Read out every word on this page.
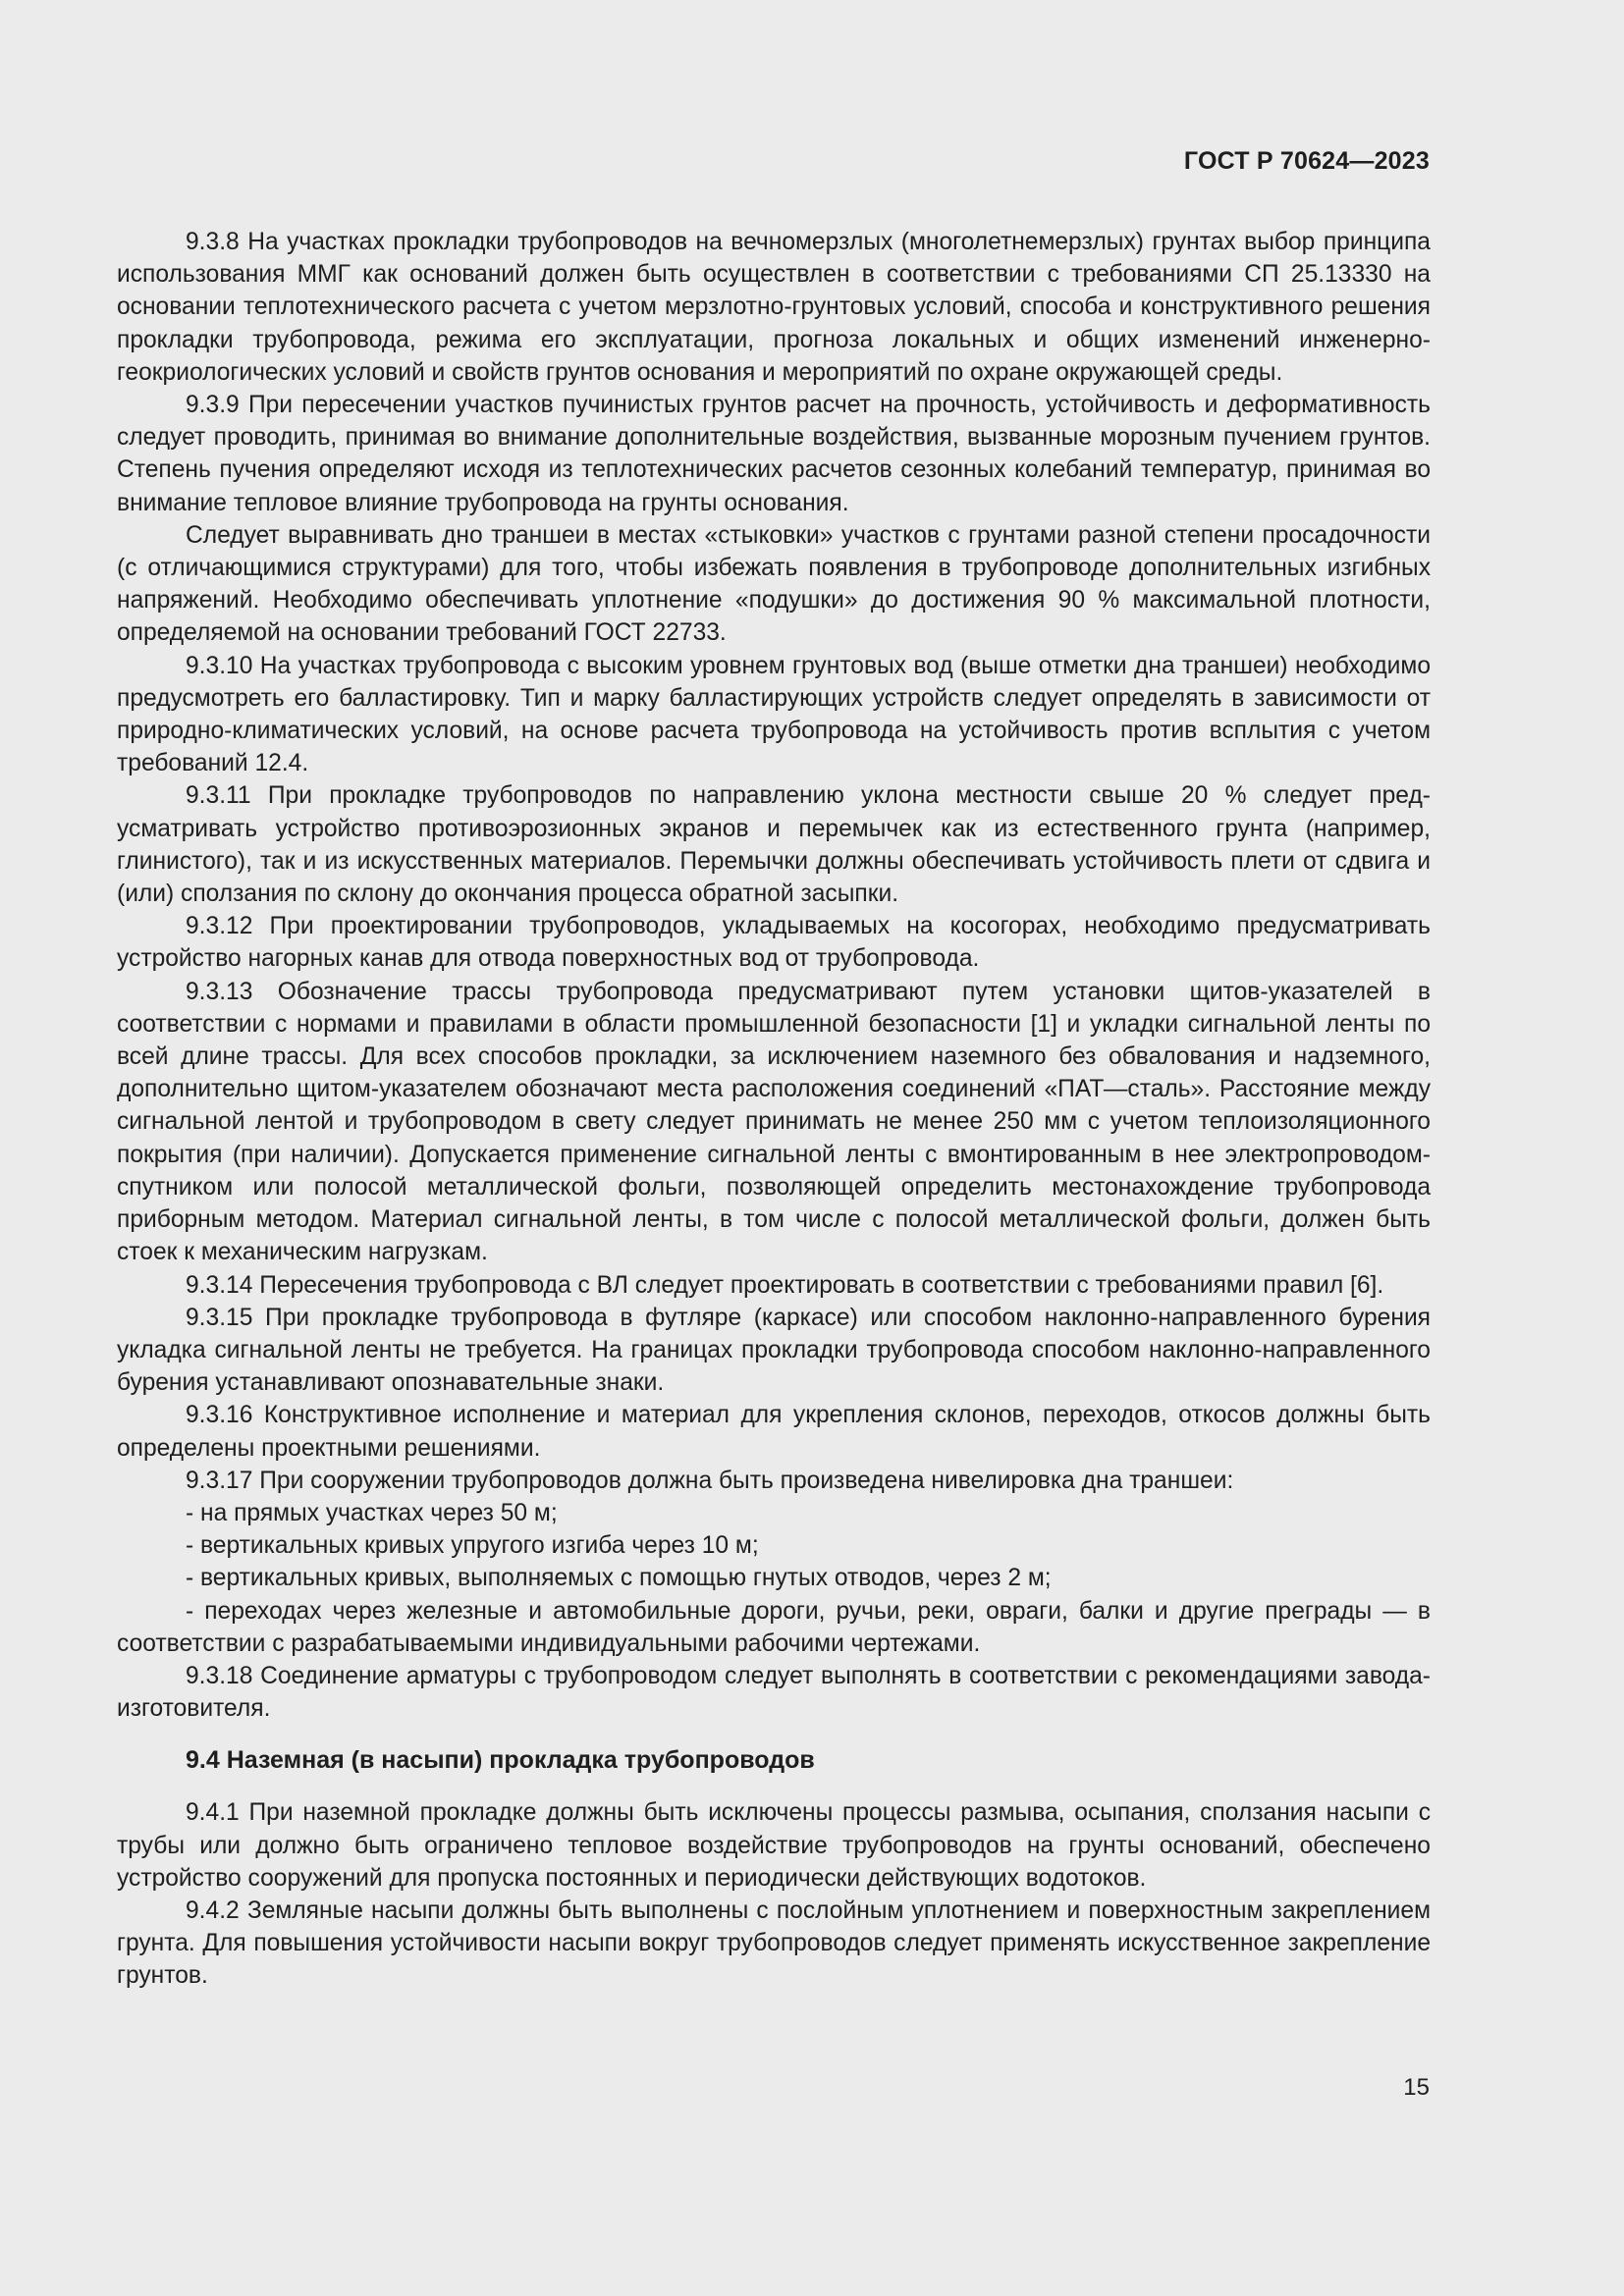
ГОСТ Р 70624—2023

9.3.8 На участках прокладки трубопроводов на вечномерзлых (многолетнемерзлых) грунтах выбор принципа использования ММГ как оснований должен быть осуществлен в соответствии с требованиями СП 25.13330 на основании теплотехнического расчета с учетом мерзлотно-грунтовых условий, способа и конструктивного решения прокладки трубопровода, режима его эксплуатации, прогноза локальных и общих изменений инженерно-геокриологических условий и свойств грунтов основания и мероприятий по охране окружающей среды.

9.3.9 При пересечении участков пучинистых грунтов расчет на прочность, устойчивость и деформативность следует проводить, принимая во внимание дополнительные воздействия, вызванные морозным пучением грунтов. Степень пучения определяют исходя из теплотехнических расчетов сезонных колебаний температур, принимая во внимание тепловое влияние трубопровода на грунты основания.

Следует выравнивать дно траншеи в местах «стыковки» участков с грунтами разной степени просадочности (с отличающимися структурами) для того, чтобы избежать появления в трубопроводе дополнительных изгибных напряжений. Необходимо обеспечивать уплотнение «подушки» до достижения 90 % максимальной плотности, определяемой на основании требований ГОСТ 22733.

9.3.10 На участках трубопровода с высоким уровнем грунтовых вод (выше отметки дна траншеи) необходимо предусмотреть его балластировку. Тип и марку балластирующих устройств следует определять в зависимости от природно-климатических условий, на основе расчета трубопровода на устойчивость против всплытия с учетом требований 12.4.

9.3.11 При прокладке трубопроводов по направлению уклона местности свыше 20 % следует предусматривать устройство противоэрозионных экранов и перемычек как из естественного грунта (например, глинистого), так и из искусственных материалов. Перемычки должны обеспечивать устойчивость плети от сдвига и (или) сползания по склону до окончания процесса обратной засыпки.

9.3.12 При проектировании трубопроводов, укладываемых на косогорах, необходимо предусматривать устройство нагорных канав для отвода поверхностных вод от трубопровода.

9.3.13 Обозначение трассы трубопровода предусматривают путем установки щитов-указателей в соответствии с нормами и правилами в области промышленной безопасности [1] и укладки сигнальной ленты по всей длине трассы. Для всех способов прокладки, за исключением наземного без обвалования и надземного, дополнительно щитом-указателем обозначают места расположения соединений «ПАТ—сталь». Расстояние между сигнальной лентой и трубопроводом в свету следует принимать не менее 250 мм с учетом теплоизоляционного покрытия (при наличии). Допускается применение сигнальной ленты с вмонтированным в нее электропроводом-спутником или полосой металлической фольги, позволяющей определить местонахождение трубопровода приборным методом. Материал сигнальной ленты, в том числе с полосой металлической фольги, должен быть стоек к механическим нагрузкам.

9.3.14 Пересечения трубопровода с ВЛ следует проектировать в соответствии с требованиями правил [6].

9.3.15 При прокладке трубопровода в футляре (каркасе) или способом наклонно-направленного бурения укладка сигнальной ленты не требуется. На границах прокладки трубопровода способом наклонно-направленного бурения устанавливают опознавательные знаки.

9.3.16 Конструктивное исполнение и материал для укрепления склонов, переходов, откосов должны быть определены проектными решениями.

9.3.17 При сооружении трубопроводов должна быть произведена нивелировка дна траншеи:

- на прямых участках через 50 м;

- вертикальных кривых упругого изгиба через 10 м;

- вертикальных кривых, выполняемых с помощью гнутых отводов, через 2 м;

- переходах через железные и автомобильные дороги, ручьи, реки, овраги, балки и другие преграды — в соответствии с разрабатываемыми индивидуальными рабочими чертежами.

9.3.18 Соединение арматуры с трубопроводом следует выполнять в соответствии с рекомендациями завода-изготовителя.

9.4 Наземная (в насыпи) прокладка трубопроводов

9.4.1 При наземной прокладке должны быть исключены процессы размыва, осыпания, сползания насыпи с трубы или должно быть ограничено тепловое воздействие трубопроводов на грунты оснований, обеспечено устройство сооружений для пропуска постоянных и периодически действующих водотоков.

9.4.2 Земляные насыпи должны быть выполнены с послойным уплотнением и поверхностным закреплением грунта. Для повышения устойчивости насыпи вокруг трубопроводов следует применять искусственное закрепление грунтов.

15
